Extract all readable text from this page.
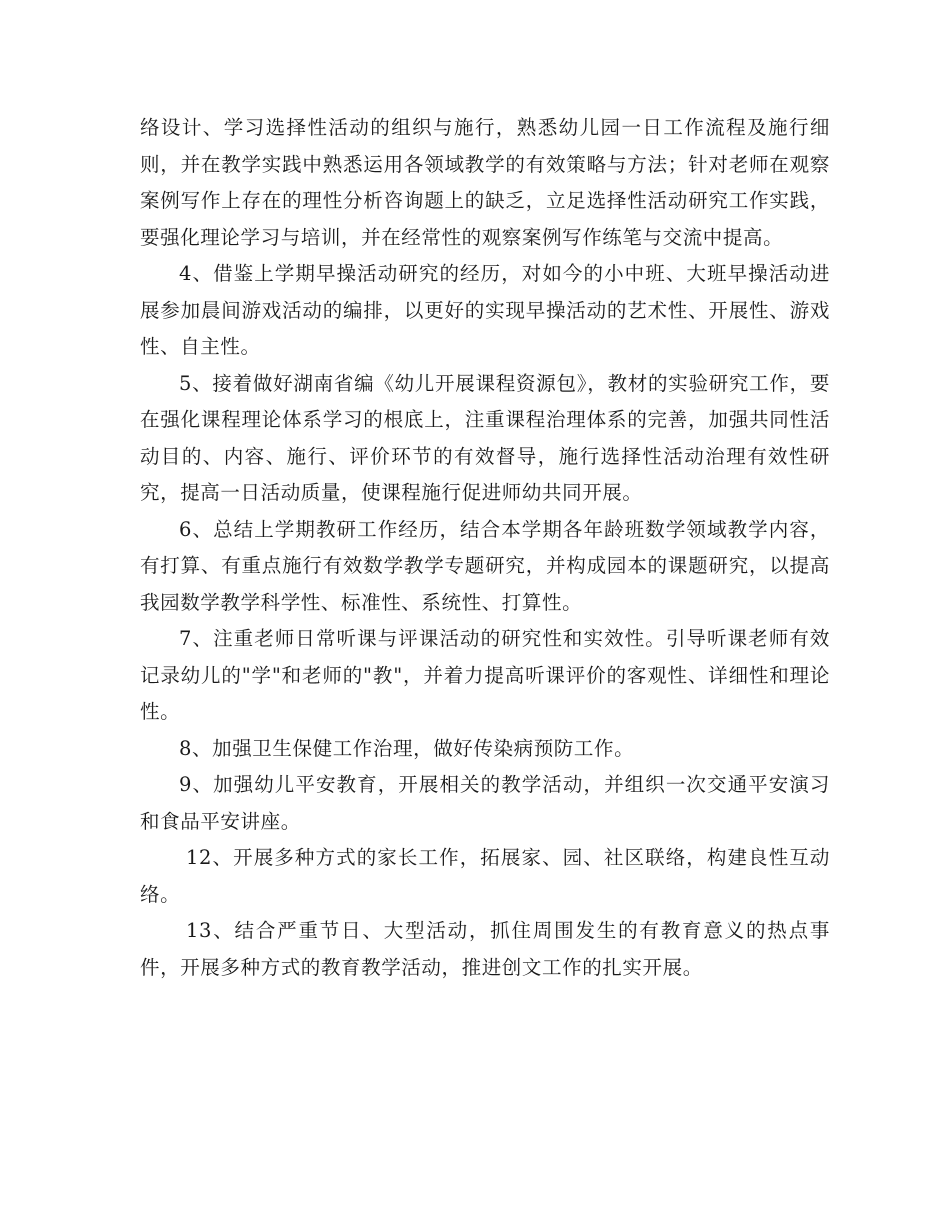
络设计、学习选择性活动的组织与施行，熟悉幼儿园一日工作流程及施行细则，并在教学实践中熟悉运用各领域教学的有效策略与方法；针对老师在观察案例写作上存在的理性分析咨询题上的缺乏，立足选择性活动研究工作实践，要强化理论学习与培训，并在经常性的观察案例写作练笔与交流中提高。

4、借鉴上学期早操活动研究的经历，对如今的小中班、大班早操活动进展参加晨间游戏活动的编排，以更好的实现早操活动的艺术性、开展性、游戏性、自主性。

5、接着做好湖南省编《幼儿开展课程资源包》，教材的实验研究工作，要在强化课程理论体系学习的根底上，注重课程治理体系的完善，加强共同性活动目的、内容、施行、评价环节的有效督导，施行选择性活动治理有效性研究，提高一日活动质量，使课程施行促进师幼共同开展。

6、总结上学期教研工作经历，结合本学期各年龄班数学领域教学内容，有打算、有重点施行有效数学教学专题研究，并构成园本的课题研究，以提高我园数学教学科学性、标准性、系统性、打算性。

7、注重老师日常听课与评课活动的研究性和实效性。引导听课老师有效记录幼儿的"学"和老师的"教"，并着力提高听课评价的客观性、详细性和理论性。

8、加强卫生保健工作治理，做好传染病预防工作。

9、加强幼儿平安教育，开展相关的教学活动，并组织一次交通平安演习和食品平安讲座。

12、开展多种方式的家长工作，拓展家、园、社区联络，构建良性互动络。

13、结合严重节日、大型活动，抓住周围发生的有教育意义的热点事件，开展多种方式的教育教学活动，推进创文工作的扎实开展。
